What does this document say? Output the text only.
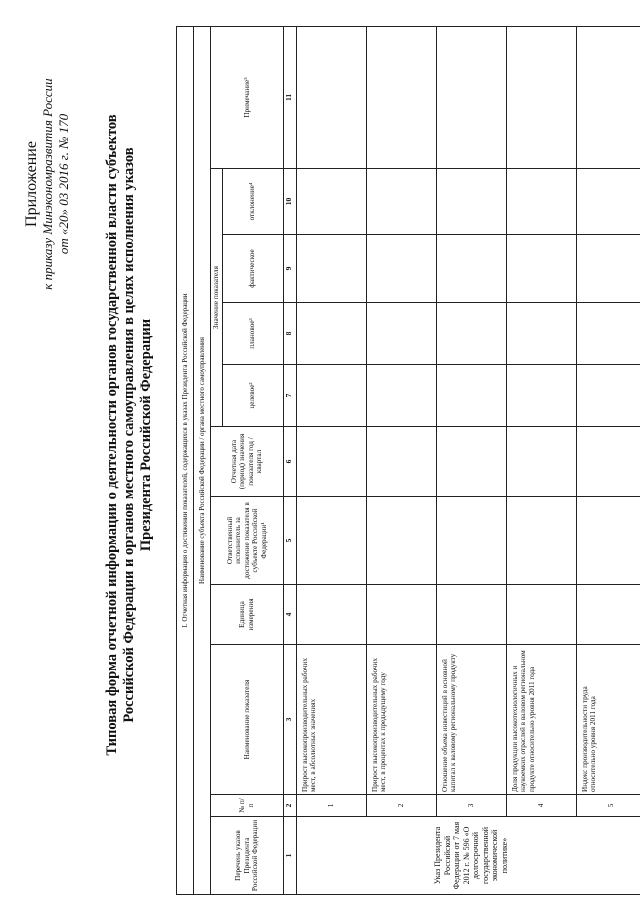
Приложение к приказу Минэкономразвития России от «20» 03 2016 г. № 170 Типовая форма отчетной информации о деятельности органов государственной власти субъектов Российской Федерации и органов местного самоуправления в целях исполнения указов Президента Российской Федерации	I. Отчетная информация о достижении показателей, содержащихся в указах Президента Российской Федерации										
Наименование субъекта Российской Федерации / органа местного самоуправления										
Перечень указов Президента Российской Федерации	№ п/п	Наименование показателя	Единица измерения	Ответственный исполнитель за достижение показателя в субъекте Российской Федерации¹	Отчетная дата (период) значения показателя год / квартал	Значение показателя				Примечание⁵
						целевое²	плановое³	фактическое	отклонение⁴	
1	2	3	4	5	6	7	8	9	10	11
Указ Президента Российской Федерации от 7 мая 2012 г. № 596 «О долгосрочной государственной экономической политике»	1	Прирост высокопроизводительных рабочих мест, в абсолютных значениях								
	2	Прирост высокопроизводительных рабочих мест, в процентах к предыдущему году								
	3	Отношение объема инвестиций в основной капитал к валовому региональному продукту								
	4	Доля продукции высокотехнологичных и наукоемких отраслей в валовом региональном продукте относительно уровня 2011 года								
	5	Индекс производительности труда относительно уровня 2011 года								
